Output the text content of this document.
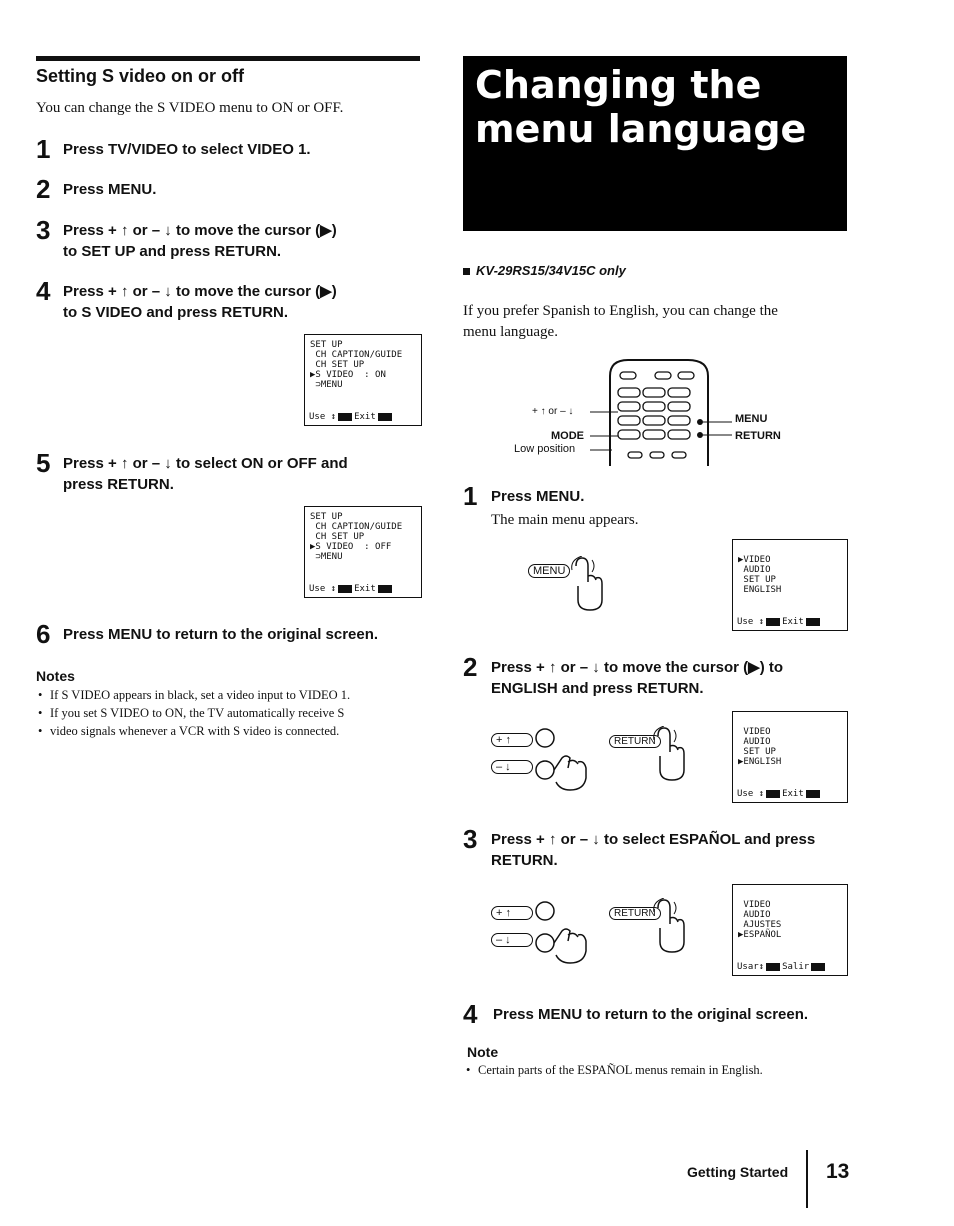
Setting S video on or off
You can change the S VIDEO menu to ON or OFF.
1 Press TV/VIDEO to select VIDEO 1.
2 Press MENU.
3 Press + ↑ or – ↓ to move the cursor (▶)
to SET UP and press RETURN.
4 Press + ↑ or – ↓ to move the cursor (▶)
to S VIDEO and press RETURN.
SET UP
CH CAPTION/GUIDE
CH SET UP
▶S VIDEO  : ON
⊃MENU
Use ↕ Exit
5 Press + ↑ or – ↓ to select ON or OFF and
press RETURN.
SET UP
CH CAPTION/GUIDE
CH SET UP
▶S VIDEO  : OFF
⊃MENU
Use ↕ Exit
6 Press MENU to return to the original screen.
Notes
• If S VIDEO appears in black, set a video input to VIDEO 1.
• If you set S VIDEO to ON, the TV automatically receive S
• video signals whenever a VCR with S video is connected.
Changing the
menu language
KV-29RS15/34V15C only
If you prefer Spanish to English, you can change the
menu language.
+ ↑ or – ↓
MODE
Low position
MENU
RETURN
1 Press MENU.
The main menu appears.
MENU
▶VIDEO
AUDIO
SET UP
ENGLISH
Use ↕ Exit
2 Press + ↑ or – ↓ to move the cursor (▶) to
ENGLISH and press RETURN.
+ ↑
– ↓
RETURN
VIDEO
AUDIO
SET UP
▶ENGLISH
Use ↕ Exit
3 Press + ↑ or – ↓ to select ESPAÑOL and press
RETURN.
+ ↑
– ↓
RETURN
VIDEO
AUDIO
AJUSTES
▶ESPAÑOL
Usar↕ Salir
4 Press MENU to return to the original screen.
Note
• Certain parts of the ESPAÑOL menus remain in English.
Getting Started 13
